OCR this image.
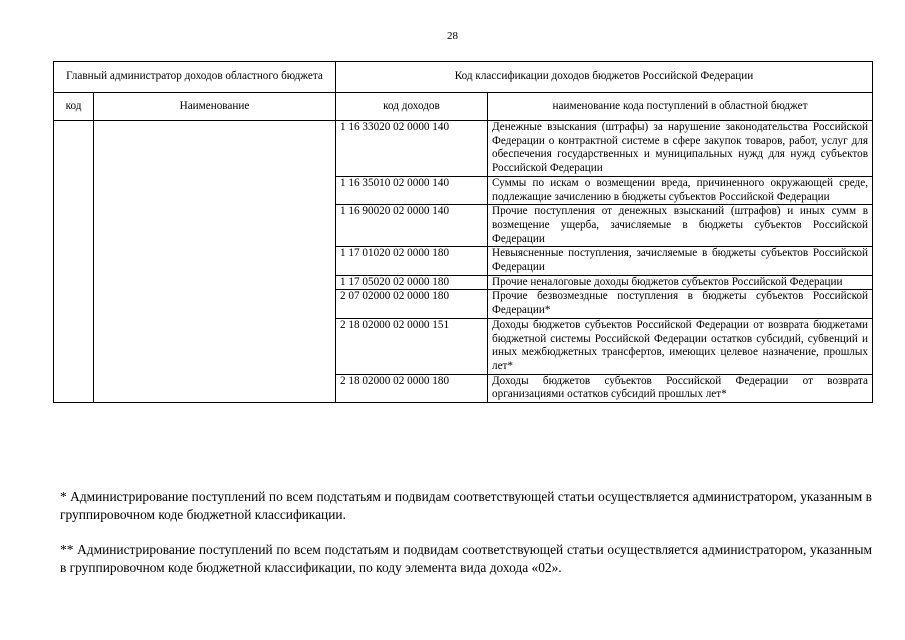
28
Главный администратор доходов областного бюджета		Код классификации доходов бюджетов Российской Федерации	
код	Наименование	код доходов	наименование кода поступлений в областной бюджет
		1 16 33020 02 0000 140	Денежные взыскания (штрафы) за нарушение законодательства Российской Федерации о контрактной системе в сфере закупок товаров, работ, услуг для обеспечения государственных и муниципальных нужд для нужд субъектов Российской Федерации
		1 16 35010 02 0000 140	Суммы по искам о возмещении вреда, причиненного окружающей среде, подлежащие зачислению в бюджеты субъектов Российской Федерации
		1 16 90020 02 0000 140	Прочие поступления от денежных взысканий (штрафов) и иных сумм в возмещение ущерба, зачисляемые в бюджеты субъектов Российской Федерации
		1 17 01020 02 0000 180	Невыясненные поступления, зачисляемые в бюджеты субъектов Российской Федерации
		1 17 05020 02 0000 180	Прочие неналоговые доходы бюджетов субъектов Российской Федерации
		2 07 02000 02 0000 180	Прочие безвозмездные поступления в бюджеты субъектов Российской Федерации*
		2 18 02000 02 0000 151	Доходы бюджетов субъектов Российской Федерации от возврата бюджетами бюджетной системы Российской Федерации остатков субсидий, субвенций и иных межбюджетных трансфертов, имеющих целевое назначение, прошлых лет*
		2 18 02000 02 0000 180	Доходы бюджетов субъектов Российской Федерации от возврата организациями остатков субсидий прошлых лет*
* Администрирование поступлений по всем подстатьям и подвидам соответствующей статьи осуществляется администратором, указанным в группировочном коде бюджетной классификации.
** Администрирование поступлений по всем подстатьям и подвидам соответствующей статьи осуществляется администратором, указанным в группировочном коде бюджетной классификации, по коду элемента вида дохода «02».
